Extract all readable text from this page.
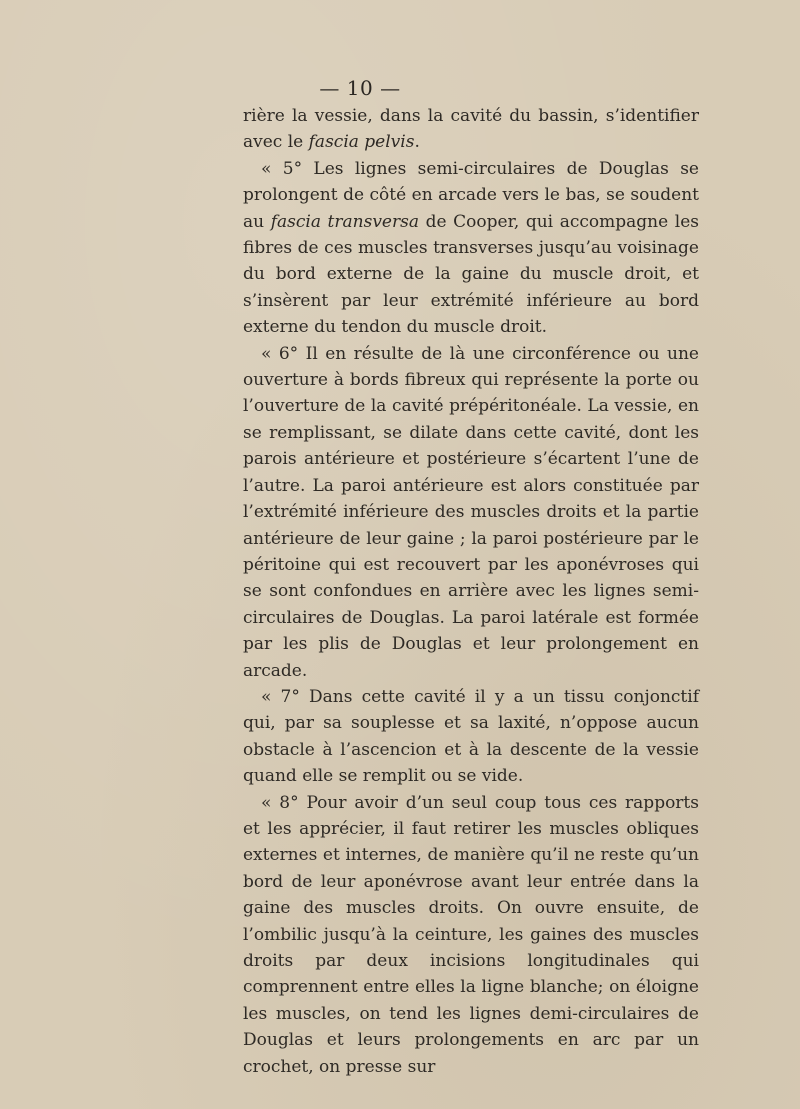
— 10 —

rière la vessie, dans la cavité du bassin, s’identifier avec le fascia pelvis.

« 5° Les lignes semi-circulaires de Douglas se prolongent de côté en arcade vers le bas, se soudent au fascia transversa de Cooper, qui accompagne les fibres de ces muscles transverses jusqu’au voisinage du bord externe de la gaine du muscle droit, et s’insèrent par leur extrémité inférieure au bord externe du tendon du muscle droit.

« 6° Il en résulte de là une circonférence ou une ouverture à bords fibreux qui représente la porte ou l’ouverture de la cavité prépéritonéale. La vessie, en se remplissant, se dilate dans cette cavité, dont les parois antérieure et postérieure s’écartent l’une de l’autre. La paroi antérieure est alors constituée par l’extrémité inférieure des muscles droits et la partie antérieure de leur gaine ; la paroi postérieure par le péritoine qui est recouvert par les aponévroses qui se sont confondues en arrière avec les lignes semi-circulaires de Douglas. La paroi latérale est formée par les plis de Douglas et leur prolongement en arcade.

« 7° Dans cette cavité il y a un tissu conjonctif qui, par sa souplesse et sa laxité, n’oppose aucun obstacle à l’ascencion et à la descente de la vessie quand elle se remplit ou se vide.

« 8° Pour avoir d’un seul coup tous ces rapports et les apprécier, il faut retirer les muscles obliques externes et internes, de manière qu’il ne reste qu’un bord de leur aponévrose avant leur entrée dans la gaine des muscles droits. On ouvre ensuite, de l’ombilic jusqu’à la ceinture, les gaines des muscles droits par deux incisions longitudinales qui comprennent entre elles la ligne blanche; on éloigne les muscles, on tend les lignes demi-circulaires de Douglas et leurs prolongements en arc par un crochet, on presse sur
